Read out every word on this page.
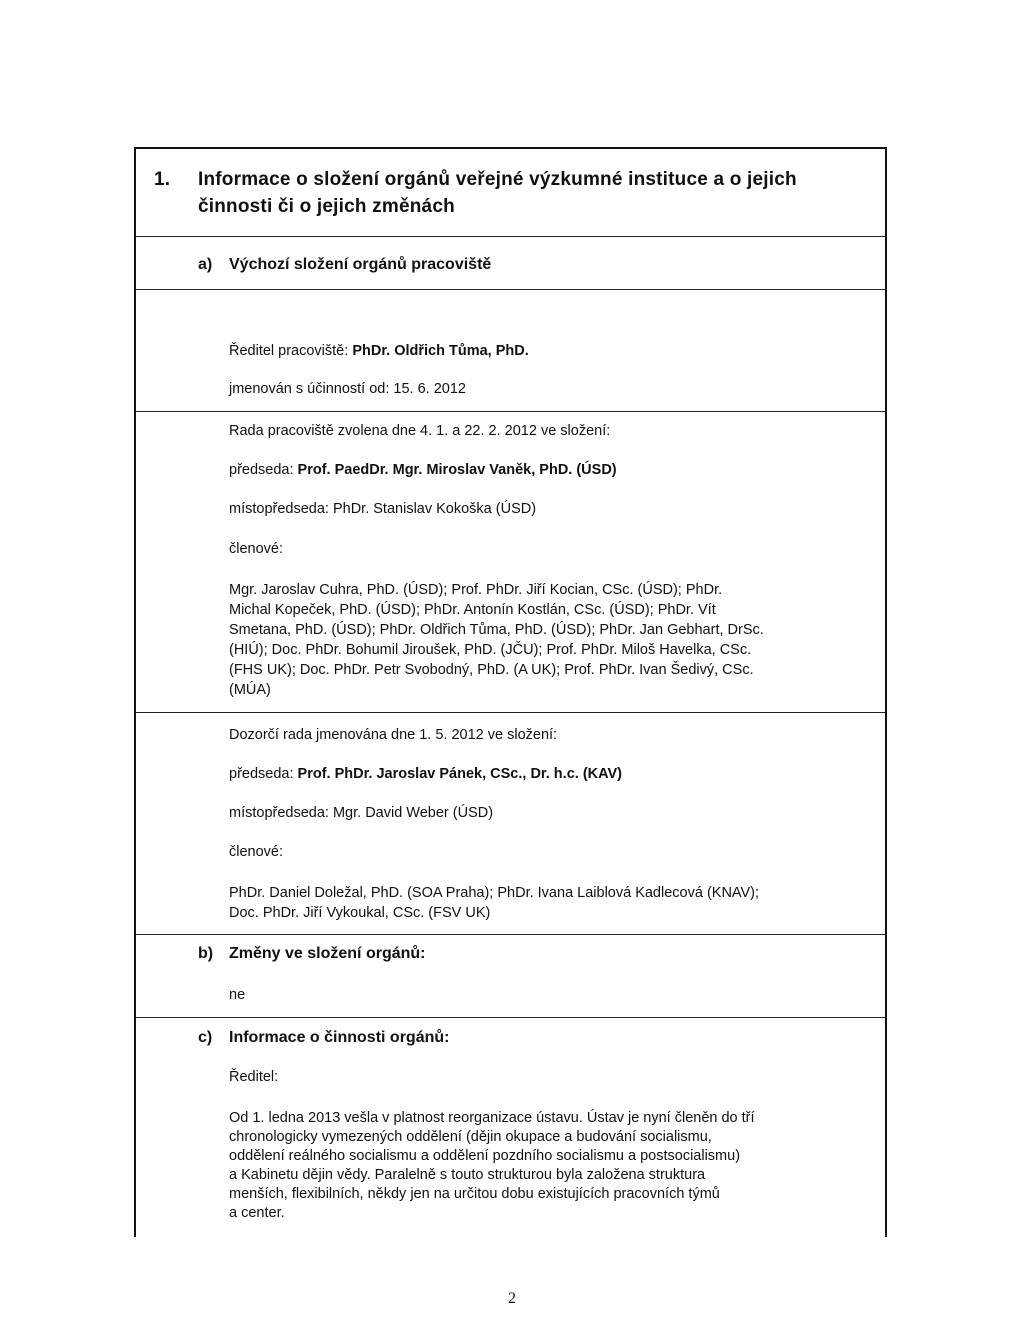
1. Informace o složení orgánů veřejné výzkumné instituce a o jejich
činnosti či o jejich změnách
a) Výchozí složení orgánů pracoviště
Ředitel pracoviště: PhDr. Oldřich Tůma, PhD.
jmenován s účinností od: 15. 6. 2012
Rada pracoviště zvolena dne 4. 1. a 22. 2. 2012 ve složení:
předseda: Prof. PaedDr. Mgr. Miroslav Vaněk, PhD. (ÚSD)
místopředseda: PhDr. Stanislav Kokoška (ÚSD)
členové:
Mgr. Jaroslav Cuhra, PhD. (ÚSD); Prof. PhDr. Jiří Kocian, CSc. (ÚSD); PhDr.
Michal Kopeček, PhD. (ÚSD); PhDr. Antonín Kostlán, CSc. (ÚSD); PhDr. Vít
Smetana, PhD. (ÚSD); PhDr. Oldřich Tůma, PhD. (ÚSD); PhDr. Jan Gebhart, DrSc.
(HIÚ); Doc. PhDr. Bohumil Jiroušek, PhD. (JČU); Prof. PhDr. Miloš Havelka, CSc.
(FHS UK); Doc. PhDr. Petr Svobodný, PhD. (A UK); Prof. PhDr. Ivan Šedivý, CSc.
(MÚA)
Dozorčí rada jmenována dne 1. 5. 2012 ve složení:
předseda: Prof. PhDr. Jaroslav Pánek, CSc., Dr. h.c. (KAV)
místopředseda: Mgr. David Weber (ÚSD)
členové:
PhDr. Daniel Doležal, PhD. (SOA Praha); PhDr. Ivana Laiblová Kadlecová (KNAV);
Doc. PhDr. Jiří Vykoukal, CSc. (FSV UK)
b) Změny ve složení orgánů:
ne
c) Informace o činnosti orgánů:
Ředitel:
Od 1. ledna 2013 vešla v platnost reorganizace ústavu. Ústav je nyní členěn do tří
chronologicky vymezených oddělení (dějin okupace a budování socialismu,
oddělení reálného socialismu a oddělení pozdního socialismu a postsocialismu)
a Kabinetu dějin vědy. Paralelně s touto strukturou byla založena struktura
menších, flexibilních, někdy jen na určitou dobu existujících pracovních týmů
a center.
2
